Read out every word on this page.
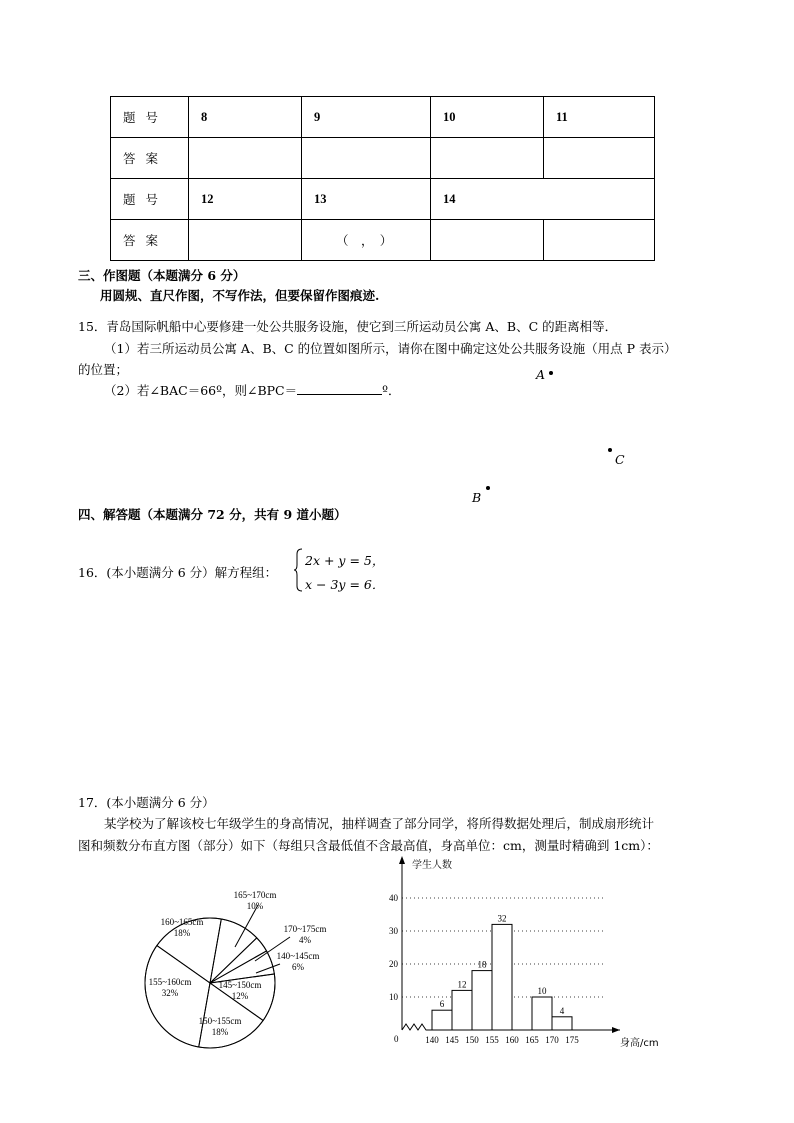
题号	8	9	10	11
答案				
题号	12	13	14	
答案		（　，　）		
三、作图题（本题满分 6 分）
用圆规、直尺作图，不写作法，但要保留作图痕迹.
15．青岛国际帆船中心要修建一处公共服务设施，使它到三所运动员公寓 A、B、C 的距离相等．
（1）若三所运动员公寓 A、B、C 的位置如图所示，请你在图中确定这处公共服务设施（用点 P 表示）
的位置；
（2）若∠BAC＝66º，则∠BPC＝	º．
A
C
B
四、解答题（本题满分 72 分，共有 9 道小题）
16．(本小题满分 6 分）解方程组：
2x + y = 5，
x − 3y = 6．
17．(本小题满分 6 分）
某学校为了解该校七年级学生的身高情况，抽样调查了部分同学，将所得数据处理后，制成扇形统计
图和频数分布直方图（部分）如下（每组只含最低值不含最高值，身高单位：cm，测量时精确到 1cm）：
165~170cm
10%
170~175cm
4%
140~145cm
6%
145~150cm
12%
150~155cm
18%
155~160cm
32%
160~165cm
18%
学生人数
身高/cm
0
10
20
30
40
140 145 150 155 160 165 170 175
6
12
18
32
10
4
